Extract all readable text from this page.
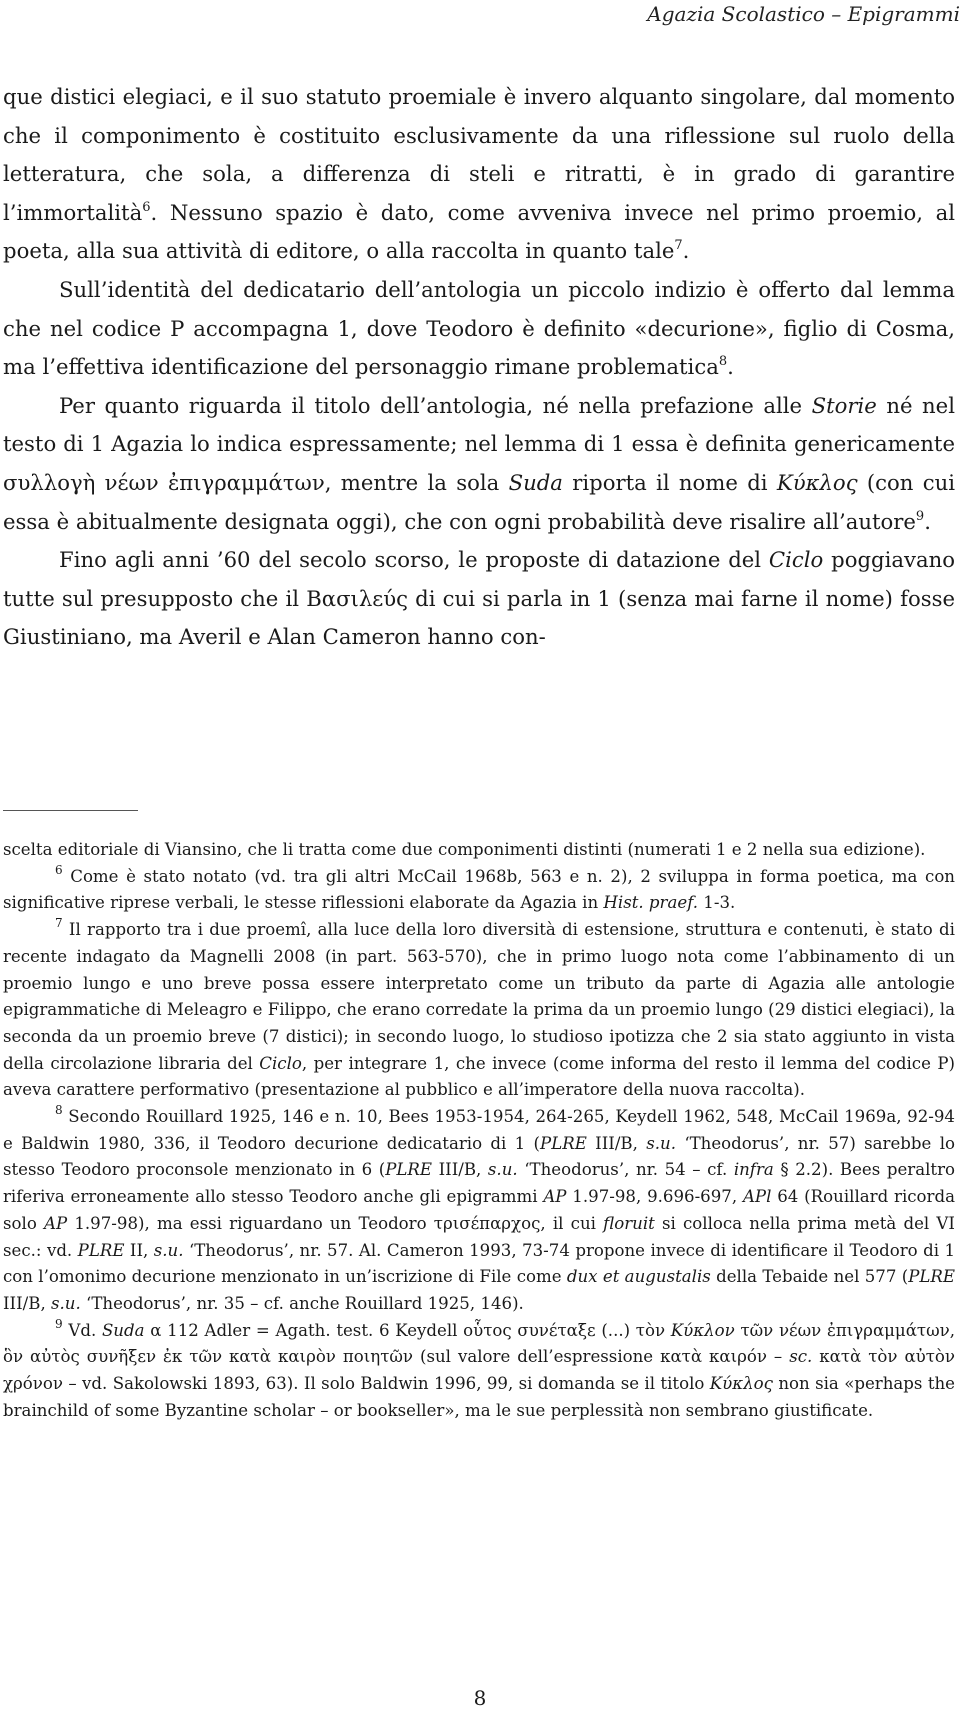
Agazia Scolastico – Epigrammi

que distici elegiaci, e il suo statuto proemiale è invero alquanto singolare, dal momento che il componimento è costituito esclusivamente da una riflessione sul ruolo della letteratura, che sola, a differenza di steli e ritratti, è in grado di garantire l’immortalità$^6$. Nessuno spazio è dato, come avveniva invece nel primo proemio, al poeta, alla sua attività di editore, o alla raccolta in quanto tale$^7$.

Sull’identità del dedicatario dell’antologia un piccolo indizio è offerto dal lemma che nel codice P accompagna 1, dove Teodoro è definito «decurione», figlio di Cosma, ma l’effettiva identificazione del personaggio rimane problematica$^8$.

Per quanto riguarda il titolo dell’antologia, né nella prefazione alle Storie né nel testo di 1 Agazia lo indica espressamente; nel lemma di 1 essa è definita genericamente συλλογὴ νέων ἐπιγραμμάτων, mentre la sola Suda riporta il nome di Κύκλος (con cui essa è abitualmente designata oggi), che con ogni probabilità deve risalire all’autore$^9$.

Fino agli anni ’60 del secolo scorso, le proposte di datazione del Ciclo poggiavano tutte sul presupposto che il Βασιλεύς di cui si parla in 1 (senza mai farne il nome) fosse Giustiniano, ma Averil e Alan Cameron hanno con-

scelta editoriale di Viansino, che li tratta come due componimenti distinti (numerati 1 e 2 nella sua edizione).

$^6$ Come è stato notato (vd. tra gli altri McCail 1968b, 563 e n. 2), 2 sviluppa in forma poetica, ma con significative riprese verbali, le stesse riflessioni elaborate da Agazia in Hist. praef. 1-3.

$^7$ Il rapporto tra i due proemî, alla luce della loro diversità di estensione, struttura e contenuti, è stato di recente indagato da Magnelli 2008 (in part. 563-570), che in primo luogo nota come l’abbinamento di un proemio lungo e uno breve possa essere interpretato come un tributo da parte di Agazia alle antologie epigrammatiche di Meleagro e Filippo, che erano corredate la prima da un proemio lungo (29 distici elegiaci), la seconda da un proemio breve (7 distici); in secondo luogo, lo studioso ipotizza che 2 sia stato aggiunto in vista della circolazione libraria del Ciclo, per integrare 1, che invece (come informa del resto il lemma del codice P) aveva carattere performativo (presentazione al pubblico e all’imperatore della nuova raccolta).

$^8$ Secondo Rouillard 1925, 146 e n. 10, Bees 1953-1954, 264-265, Keydell 1962, 548, McCail 1969a, 92-94 e Baldwin 1980, 336, il Teodoro decurione dedicatario di 1 (PLRE III/B, s.u. ‘Theodorus’, nr. 57) sarebbe lo stesso Teodoro proconsole menzionato in 6 (PLRE III/B, s.u. ‘Theodorus’, nr. 54 – cf. infra § 2.2). Bees peraltro riferiva erroneamente allo stesso Teodoro anche gli epigrammi AP 1.97-98, 9.696-697, APl 64 (Rouillard ricorda solo AP 1.97-98), ma essi riguardano un Teodoro τρισέπαρχος, il cui floruit si colloca nella prima metà del VI sec.: vd. PLRE II, s.u. ‘Theodorus’, nr. 57. Al. Cameron 1993, 73-74 propone invece di identificare il Teodoro di 1 con l’omonimo decurione menzionato in un’iscrizione di File come dux et augustalis della Tebaide nel 577 (PLRE III/B, s.u. ‘Theodorus’, nr. 35 – cf. anche Rouillard 1925, 146).

$^9$ Vd. Suda α 112 Adler = Agath. test. 6 Keydell οὗτος συνέταξε (...) τὸν Κύκλον τῶν νέων ἐπιγραμμάτων, ὃν αὐτὸς συνῆξεν ἐκ τῶν κατὰ καιρὸν ποιητῶν (sul valore dell’espressione κατὰ καιρόν – sc. κατὰ τὸν αὐτὸν χρόνον – vd. Sakolowski 1893, 63). Il solo Baldwin 1996, 99, si domanda se il titolo Κύκλος non sia «perhaps the brainchild of some Byzantine scholar – or bookseller», ma le sue perplessità non sembrano giustificate.

8
